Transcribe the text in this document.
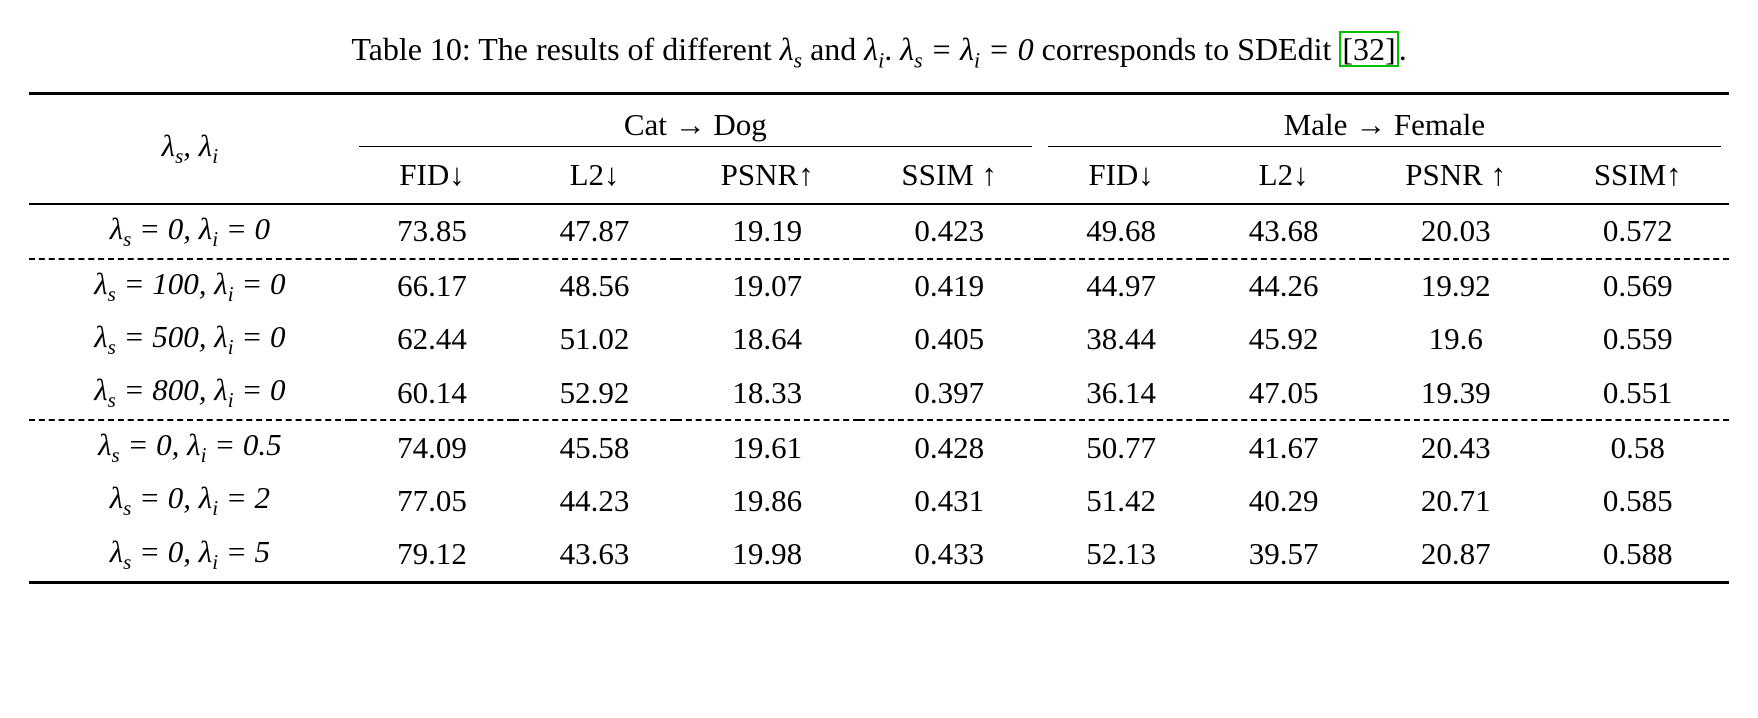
Table 10: The results of different $\lambda_s$ and $\lambda_i$. $\lambda_s = \lambda_i = 0$ corresponds to SDEdit [32].
$\lambda_s$, $\lambda_i$	Cat → Dog				Male → Female			
	FID↓	L2↓	PSNR↑	SSIM ↑	FID↓	L2↓	PSNR ↑	SSIM↑
$\lambda_s = 0$, $\lambda_i = 0$	73.85	47.87	19.19	0.423	49.68	43.68	20.03	0.572
$\lambda_s = 100$, $\lambda_i = 0$	66.17	48.56	19.07	0.419	44.97	44.26	19.92	0.569
$\lambda_s = 500$, $\lambda_i = 0$	62.44	51.02	18.64	0.405	38.44	45.92	19.6	0.559
$\lambda_s = 800$, $\lambda_i = 0$	60.14	52.92	18.33	0.397	36.14	47.05	19.39	0.551
$\lambda_s = 0$, $\lambda_i = 0.5$	74.09	45.58	19.61	0.428	50.77	41.67	20.43	0.58
$\lambda_s = 0$, $\lambda_i = 2$	77.05	44.23	19.86	0.431	51.42	40.29	20.71	0.585
$\lambda_s = 0$, $\lambda_i = 5$	79.12	43.63	19.98	0.433	52.13	39.57	20.87	0.588
